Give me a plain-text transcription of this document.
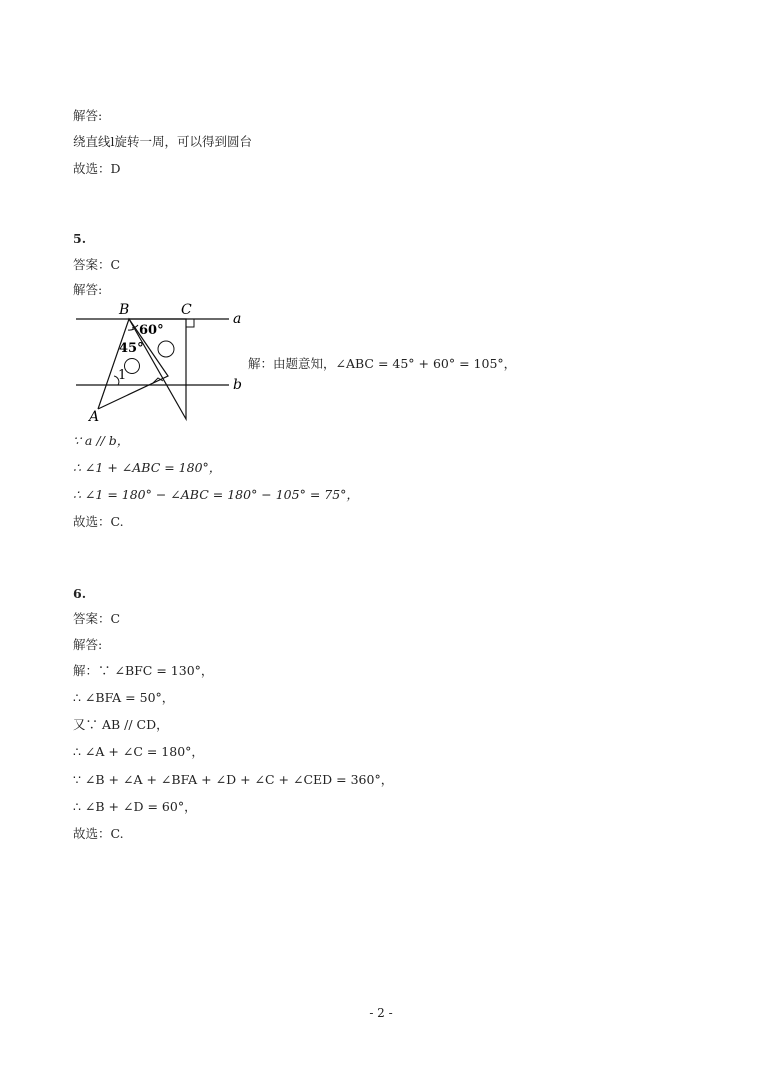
解答:
绕直线l旋转一周，可以得到圆台
故选：D
5.
答案：C
解答:
B	C
a
b
A
60°
45°
1
解：由题意知，∠ABC = 45° + 60° = 105°，
∵ a // b，
∴ ∠1 + ∠ABC = 180°，
∴ ∠1 = 180° − ∠ABC = 180° − 105° = 75°，
故选：C.
6.
答案：C
解答:
解：∵ ∠BFC = 130°，
∴ ∠BFA = 50°，
又∵ AB // CD，
∴ ∠A + ∠C = 180°，
∵ ∠B + ∠A + ∠BFA + ∠D + ∠C + ∠CED = 360°，
∴ ∠B + ∠D = 60°，
故选：C.
- 2 -
